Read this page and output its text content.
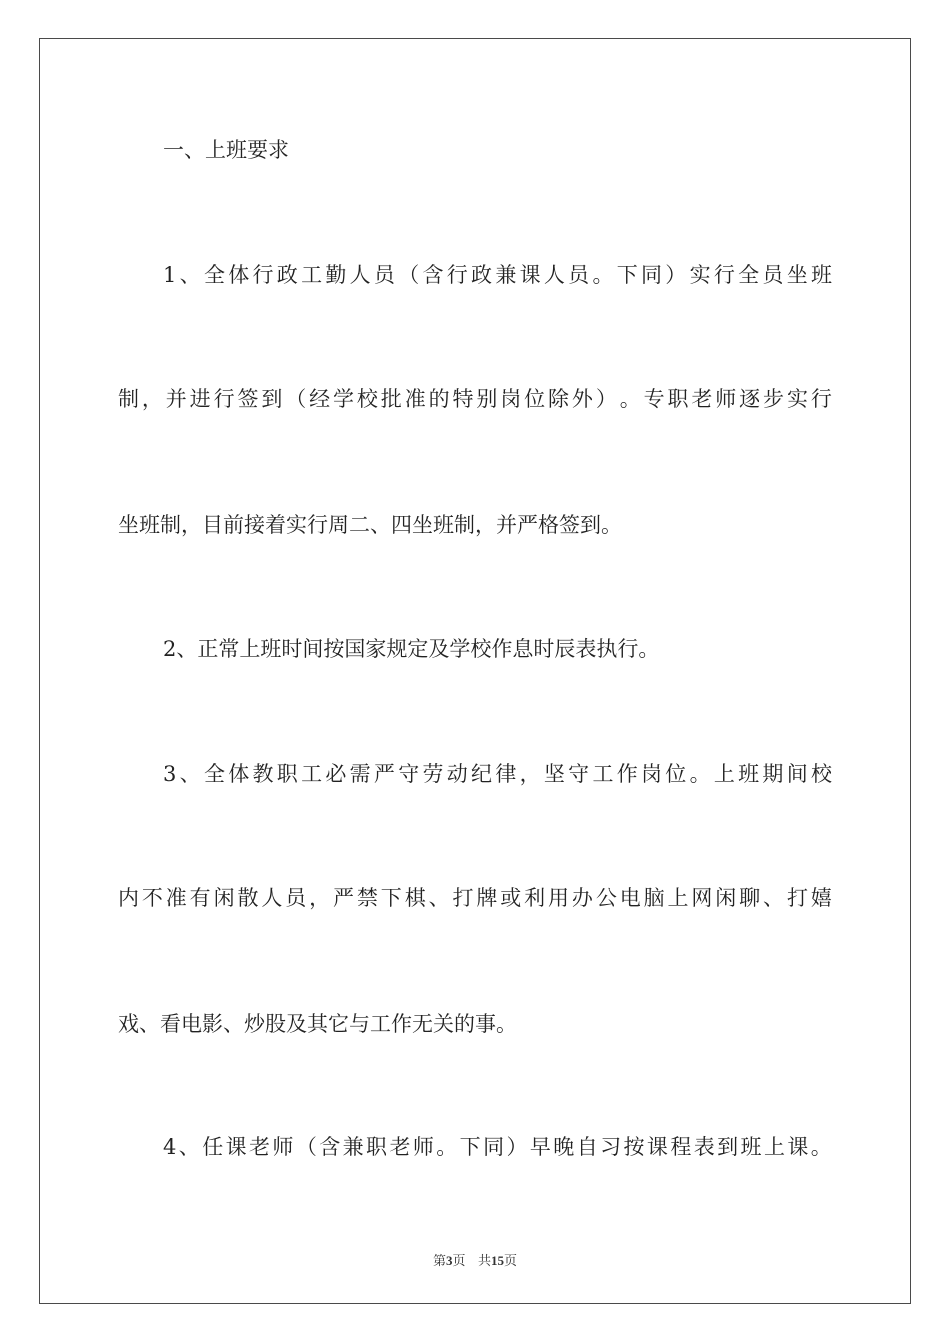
一、上班要求
1 、 全 体 行 政 工 勤 人 员 （ 含 行 政 兼 课 人 员 。 下 同 ） 实 行 全 员 坐 班
制 ， 并 进 行 签 到 （ 经 学 校 批 准 的 特 别 岗 位 除 外 ） 。 专 职 老 师 逐 步 实 行
坐班制，目前接着实行周二、四坐班制，并严格签到。
2、正常上班时间按国家规定及学校作息时辰表执行。
3 、 全 体 教 职 工 必 需 严 守 劳 动 纪 律 ， 坚 守 工 作 岗 位 。 上 班 期 间 校
内 不 准 有 闲 散 人 员 ， 严 禁 下 棋 、 打 牌 或 利 用 办 公 电 脑 上 网 闲 聊 、 打 嬉
戏、看电影、炒股及其它与工作无关的事。
4 、 任 课 老 师 （ 含 兼 职 老 师 。 下 同 ） 早 晚 自 习 按 课 程 表 到 班 上 课 。
第3页 共15页
